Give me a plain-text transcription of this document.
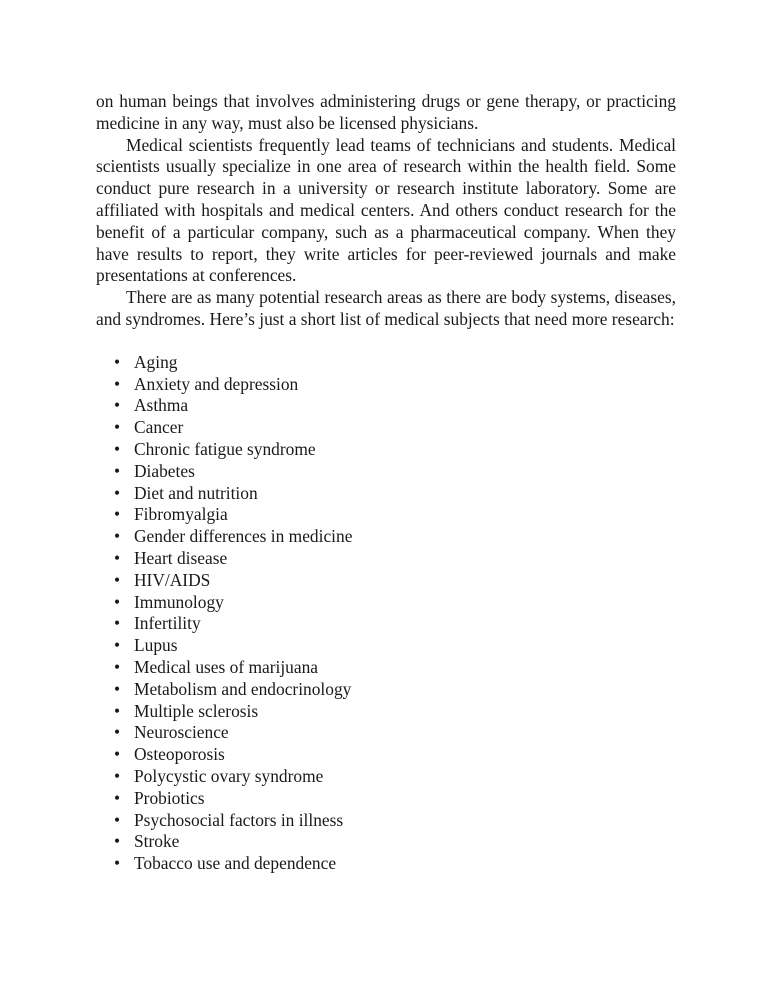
on human beings that involves administering drugs or gene therapy, or practicing medicine in any way, must also be licensed physicians.

Medical scientists frequently lead teams of technicians and students. Medical scientists usually specialize in one area of research within the health field. Some conduct pure research in a university or research institute laboratory. Some are affiliated with hospitals and medical centers. And others conduct research for the benefit of a particular company, such as a pharmaceutical company. When they have results to report, they write articles for peer-reviewed journals and make presentations at conferences.

There are as many potential research areas as there are body systems, diseases, and syndromes. Here’s just a short list of medical subjects that need more research:

• Aging
• Anxiety and depression
• Asthma
• Cancer
• Chronic fatigue syndrome
• Diabetes
• Diet and nutrition
• Fibromyalgia
• Gender differences in medicine
• Heart disease
• HIV/AIDS
• Immunology
• Infertility
• Lupus
• Medical uses of marijuana
• Metabolism and endocrinology
• Multiple sclerosis
• Neuroscience
• Osteoporosis
• Polycystic ovary syndrome
• Probiotics
• Psychosocial factors in illness
• Stroke
• Tobacco use and dependence
